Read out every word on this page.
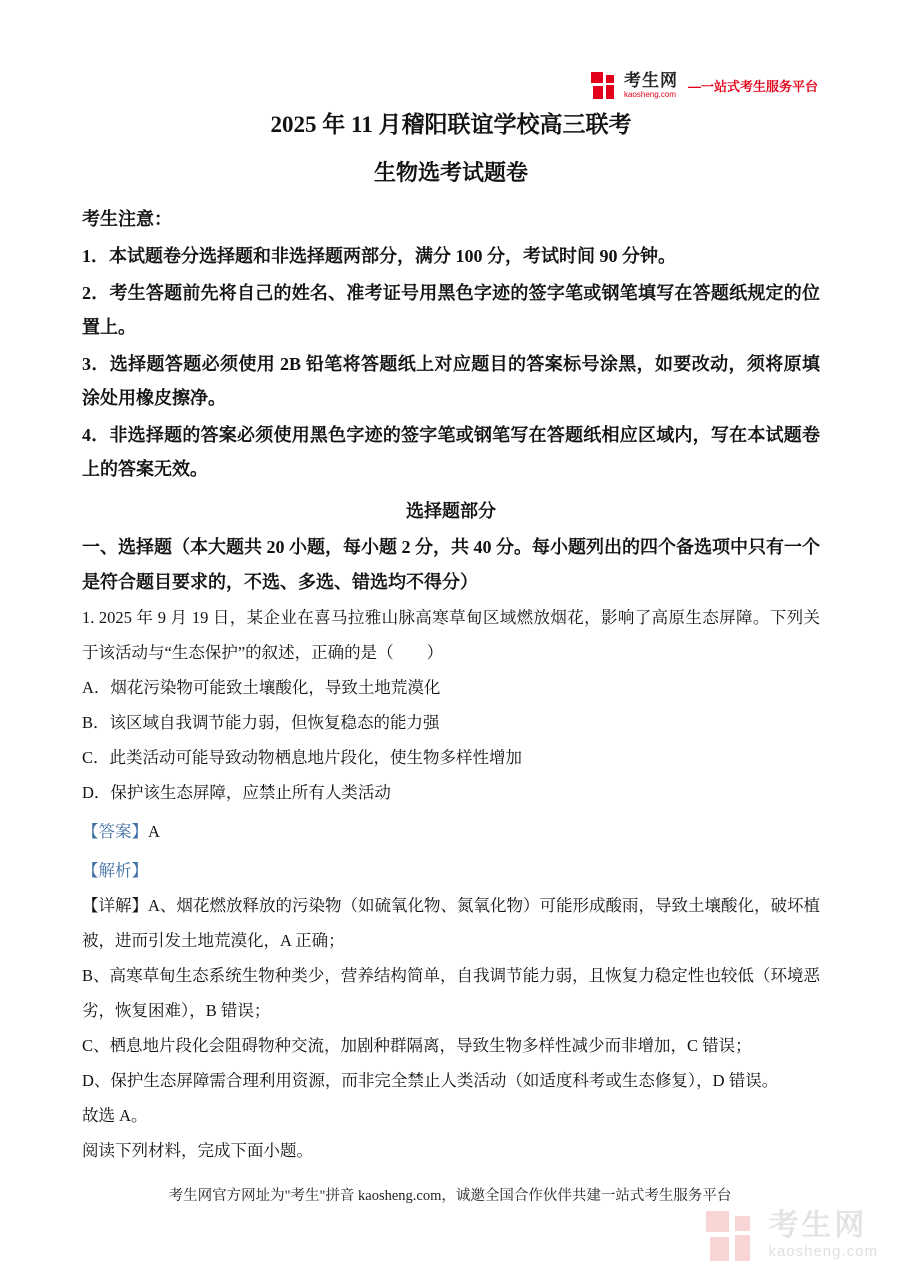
考生网
kaosheng.com
—一站式考生服务平台
2025 年 11 月稽阳联谊学校高三联考
生物选考试题卷

考生注意：

1．本试题卷分选择题和非选择题两部分，满分 100 分，考试时间 90 分钟。

2．考生答题前先将自己的姓名、准考证号用黑色字迹的签字笔或钢笔填写在答题纸规定的位置上。

3．选择题答题必须使用 2B 铅笔将答题纸上对应题目的答案标号涂黑，如要改动，须将原填涂处用橡皮擦净。

4．非选择题的答案必须使用黑色字迹的签字笔或钢笔写在答题纸相应区域内，写在本试题卷上的答案无效。

选择题部分

一、选择题（本大题共 20 小题，每小题 2 分，共 40 分。每小题列出的四个备选项中只有一个是符合题目要求的，不选、多选、错选均不得分）

1. 2025 年 9 月 19 日，某企业在喜马拉雅山脉高寒草甸区域燃放烟花，影响了高原生态屏障。下列关于该活动与“生态保护”的叙述，正确的是（　　）

A．烟花污染物可能致土壤酸化，导致土地荒漠化

B．该区域自我调节能力弱，但恢复稳态的能力强

C．此类活动可能导致动物栖息地片段化，使生物多样性增加

D．保护该生态屏障，应禁止所有人类活动

【答案】A

【解析】

【详解】A、烟花燃放释放的污染物（如硫氧化物、氮氧化物）可能形成酸雨，导致土壤酸化，破坏植被，进而引发土地荒漠化，A 正确；

B、高寒草甸生态系统生物种类少，营养结构简单，自我调节能力弱，且恢复力稳定性也较低（环境恶劣，恢复困难），B 错误；

C、栖息地片段化会阻碍物种交流，加剧种群隔离，导致生物多样性减少而非增加，C 错误；

D、保护生态屏障需合理利用资源，而非完全禁止人类活动（如适度科考或生态修复），D 错误。

故选 A。

阅读下列材料，完成下面小题。

考生网官方网址为"考生"拼音 kaosheng.com，诚邀全国合作伙伴共建一站式考生服务平台

考生网
kaosheng.com
